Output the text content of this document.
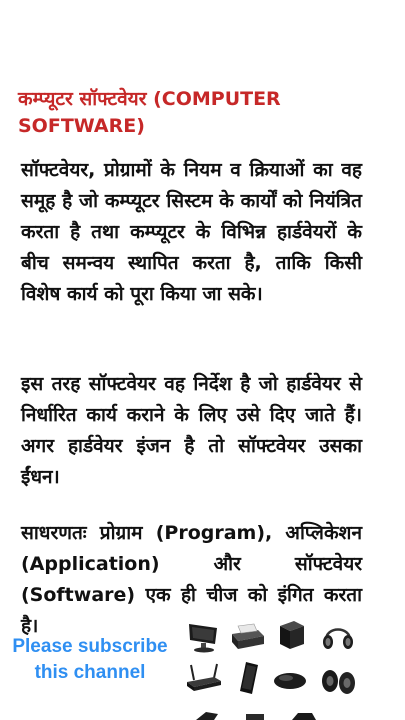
कम्प्यूटर सॉफ्टवेयर (COMPUTER SOFTWARE)
सॉफ्टवेयर, प्रोग्रामों के नियम व क्रियाओं का वह समूह है जो कम्प्यूटर सिस्टम के कार्यों को नियंत्रित करता है तथा कम्प्यूटर के विभिन्न हार्डवेयरों के बीच समन्वय स्थापित करता है, ताकि किसी विशेष कार्य को पूरा किया जा सके।
इस तरह सॉफ्टवेयर वह निर्देश है जो हार्डवेयर से निर्धारित कार्य कराने के लिए उसे दिए जाते हैं। अगर हार्डवेयर इंजन है तो सॉफ्टवेयर उसका ईंधन।
साधरणतः प्रोग्राम (Program), अप्लिकेशन (Application) और सॉफ्टवेयर (Software) एक ही चीज को इंगित करता है।
Please subscribe this channel
